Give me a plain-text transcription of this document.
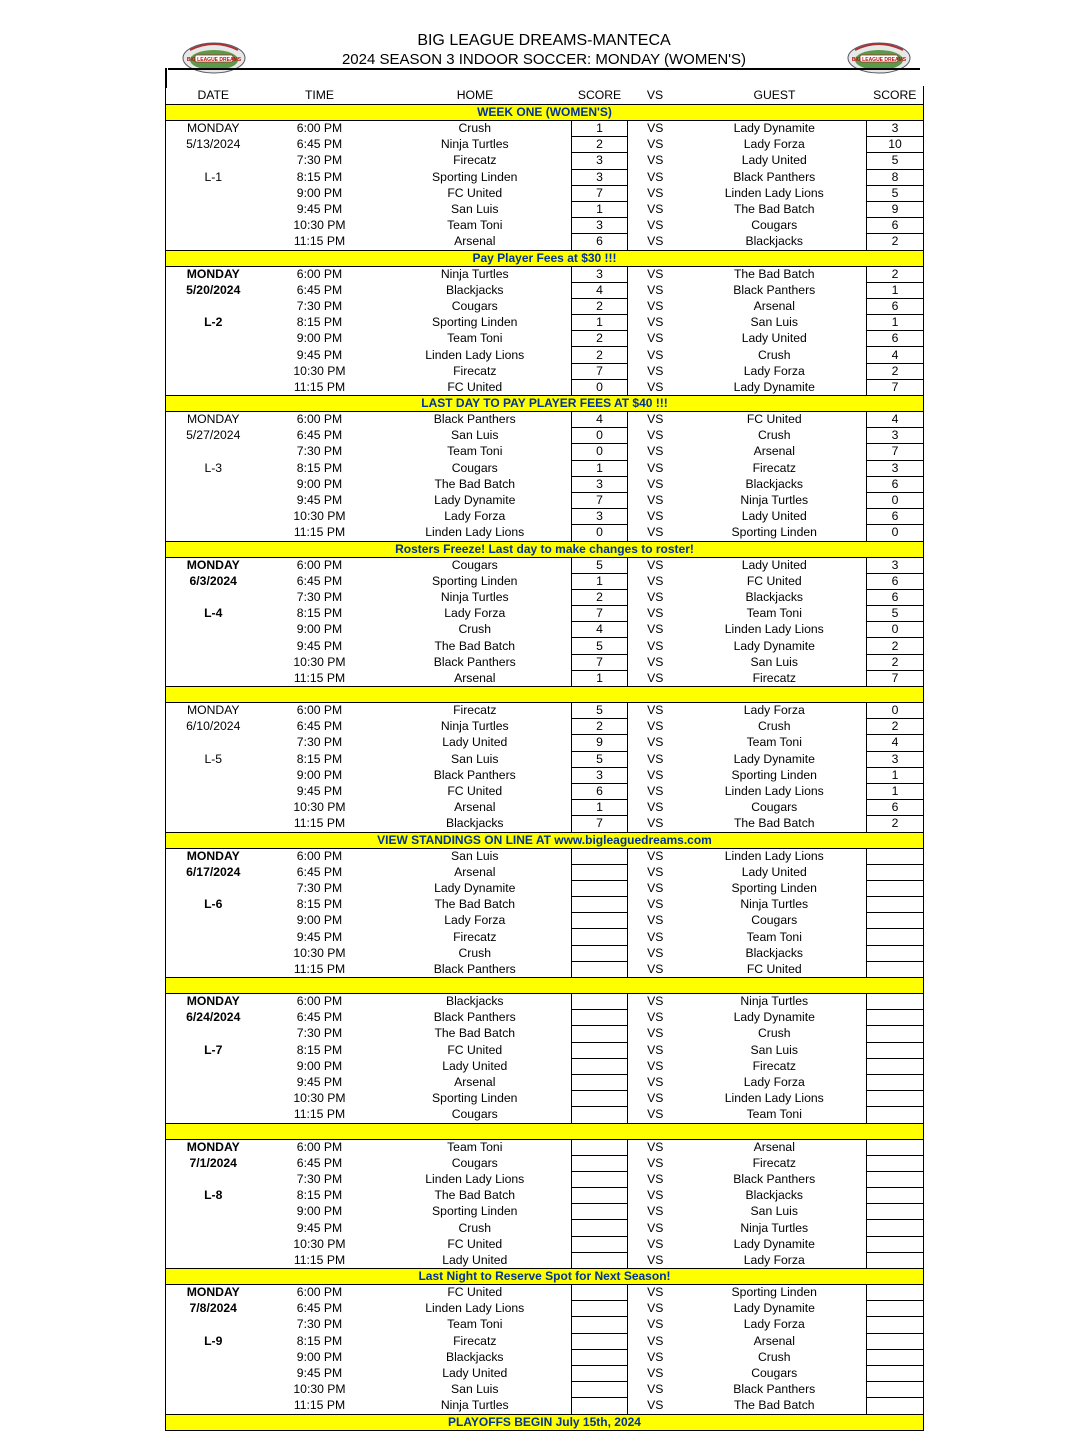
BIG LEAGUE DREAMS-MANTECA
2024 SEASON 3 INDOOR SOCCER: MONDAY (WOMEN'S)
BIG LEAGUE DREAMS	BIG LEAGUE DREAMS
DATE	TIME	HOME	SCORE	VS	GUEST	SCORE
WEEK ONE (WOMEN'S)						
MONDAY	6:00 PM	Crush	1	VS	Lady Dynamite	3
5/13/2024	6:45 PM	Ninja Turtles	2	VS	Lady Forza	10
	7:30 PM	Firecatz	3	VS	Lady United	5
L-1	8:15 PM	Sporting Linden	3	VS	Black Panthers	8
	9:00 PM	FC United	7	VS	Linden Lady Lions	5
	9:45 PM	San Luis	1	VS	The Bad Batch	9
	10:30 PM	Team Toni	3	VS	Cougars	6
	11:15 PM	Arsenal	6	VS	Blackjacks	2
Pay Player Fees at $30 !!!						
MONDAY	6:00 PM	Ninja Turtles	3	VS	The Bad Batch	2
5/20/2024	6:45 PM	Blackjacks	4	VS	Black Panthers	1
	7:30 PM	Cougars	2	VS	Arsenal	6
L-2	8:15 PM	Sporting Linden	1	VS	San Luis	1
	9:00 PM	Team Toni	2	VS	Lady United	6
	9:45 PM	Linden Lady Lions	2	VS	Crush	4
	10:30 PM	Firecatz	7	VS	Lady Forza	2
	11:15 PM	FC United	0	VS	Lady Dynamite	7
LAST DAY TO PAY PLAYER FEES AT $40 !!!						
MONDAY	6:00 PM	Black Panthers	4	VS	FC United	4
5/27/2024	6:45 PM	San Luis	0	VS	Crush	3
	7:30 PM	Team Toni	0	VS	Arsenal	7
L-3	8:15 PM	Cougars	1	VS	Firecatz	3
	9:00 PM	The Bad Batch	3	VS	Blackjacks	6
	9:45 PM	Lady Dynamite	7	VS	Ninja Turtles	0
	10:30 PM	Lady Forza	3	VS	Lady United	6
	11:15 PM	Linden Lady Lions	0	VS	Sporting Linden	0
Rosters Freeze! Last day to make changes to roster!						
MONDAY	6:00 PM	Cougars	5	VS	Lady United	3
6/3/2024	6:45 PM	Sporting Linden	1	VS	FC United	6
	7:30 PM	Ninja Turtles	2	VS	Blackjacks	6
L-4	8:15 PM	Lady Forza	7	VS	Team Toni	5
	9:00 PM	Crush	4	VS	Linden Lady Lions	0
	9:45 PM	The Bad Batch	5	VS	Lady Dynamite	2
	10:30 PM	Black Panthers	7	VS	San Luis	2
	11:15 PM	Arsenal	1	VS	Firecatz	7

MONDAY	6:00 PM	Firecatz	5	VS	Lady Forza	0
6/10/2024	6:45 PM	Ninja Turtles	2	VS	Crush	2
	7:30 PM	Lady United	9	VS	Team Toni	4
L-5	8:15 PM	San Luis	5	VS	Lady Dynamite	3
	9:00 PM	Black Panthers	3	VS	Sporting Linden	1
	9:45 PM	FC United	6	VS	Linden Lady Lions	1
	10:30 PM	Arsenal	1	VS	Cougars	6
	11:15 PM	Blackjacks	7	VS	The Bad Batch	2
VIEW STANDINGS ON LINE AT www.bigleaguedreams.com						
MONDAY	6:00 PM	San Luis		VS	Linden Lady Lions	
6/17/2024	6:45 PM	Arsenal		VS	Lady United	
	7:30 PM	Lady Dynamite		VS	Sporting Linden	
L-6	8:15 PM	The Bad Batch		VS	Ninja Turtles	
	9:00 PM	Lady Forza		VS	Cougars	
	9:45 PM	Firecatz		VS	Team Toni	
	10:30 PM	Crush		VS	Blackjacks	
	11:15 PM	Black Panthers		VS	FC United	

MONDAY	6:00 PM	Blackjacks		VS	Ninja Turtles	
6/24/2024	6:45 PM	Black Panthers		VS	Lady Dynamite	
	7:30 PM	The Bad Batch		VS	Crush	
L-7	8:15 PM	FC United		VS	San Luis	
	9:00 PM	Lady United		VS	Firecatz	
	9:45 PM	Arsenal		VS	Lady Forza	
	10:30 PM	Sporting Linden		VS	Linden Lady Lions	
	11:15 PM	Cougars		VS	Team Toni	

MONDAY	6:00 PM	Team Toni		VS	Arsenal	
7/1/2024	6:45 PM	Cougars		VS	Firecatz	
	7:30 PM	Linden Lady Lions		VS	Black Panthers	
L-8	8:15 PM	The Bad Batch		VS	Blackjacks	
	9:00 PM	Sporting Linden		VS	San Luis	
	9:45 PM	Crush		VS	Ninja Turtles	
	10:30 PM	FC United		VS	Lady Dynamite	
	11:15 PM	Lady United		VS	Lady Forza	
Last Night to Reserve Spot for Next Season!						
MONDAY	6:00 PM	FC United		VS	Sporting Linden	
7/8/2024	6:45 PM	Linden Lady Lions		VS	Lady Dynamite	
	7:30 PM	Team Toni		VS	Lady Forza	
L-9	8:15 PM	Firecatz		VS	Arsenal	
	9:00 PM	Blackjacks		VS	Crush	
	9:45 PM	Lady United		VS	Cougars	
	10:30 PM	San Luis		VS	Black Panthers	
	11:15 PM	Ninja Turtles		VS	The Bad Batch	
PLAYOFFS BEGIN July 15th, 2024						
